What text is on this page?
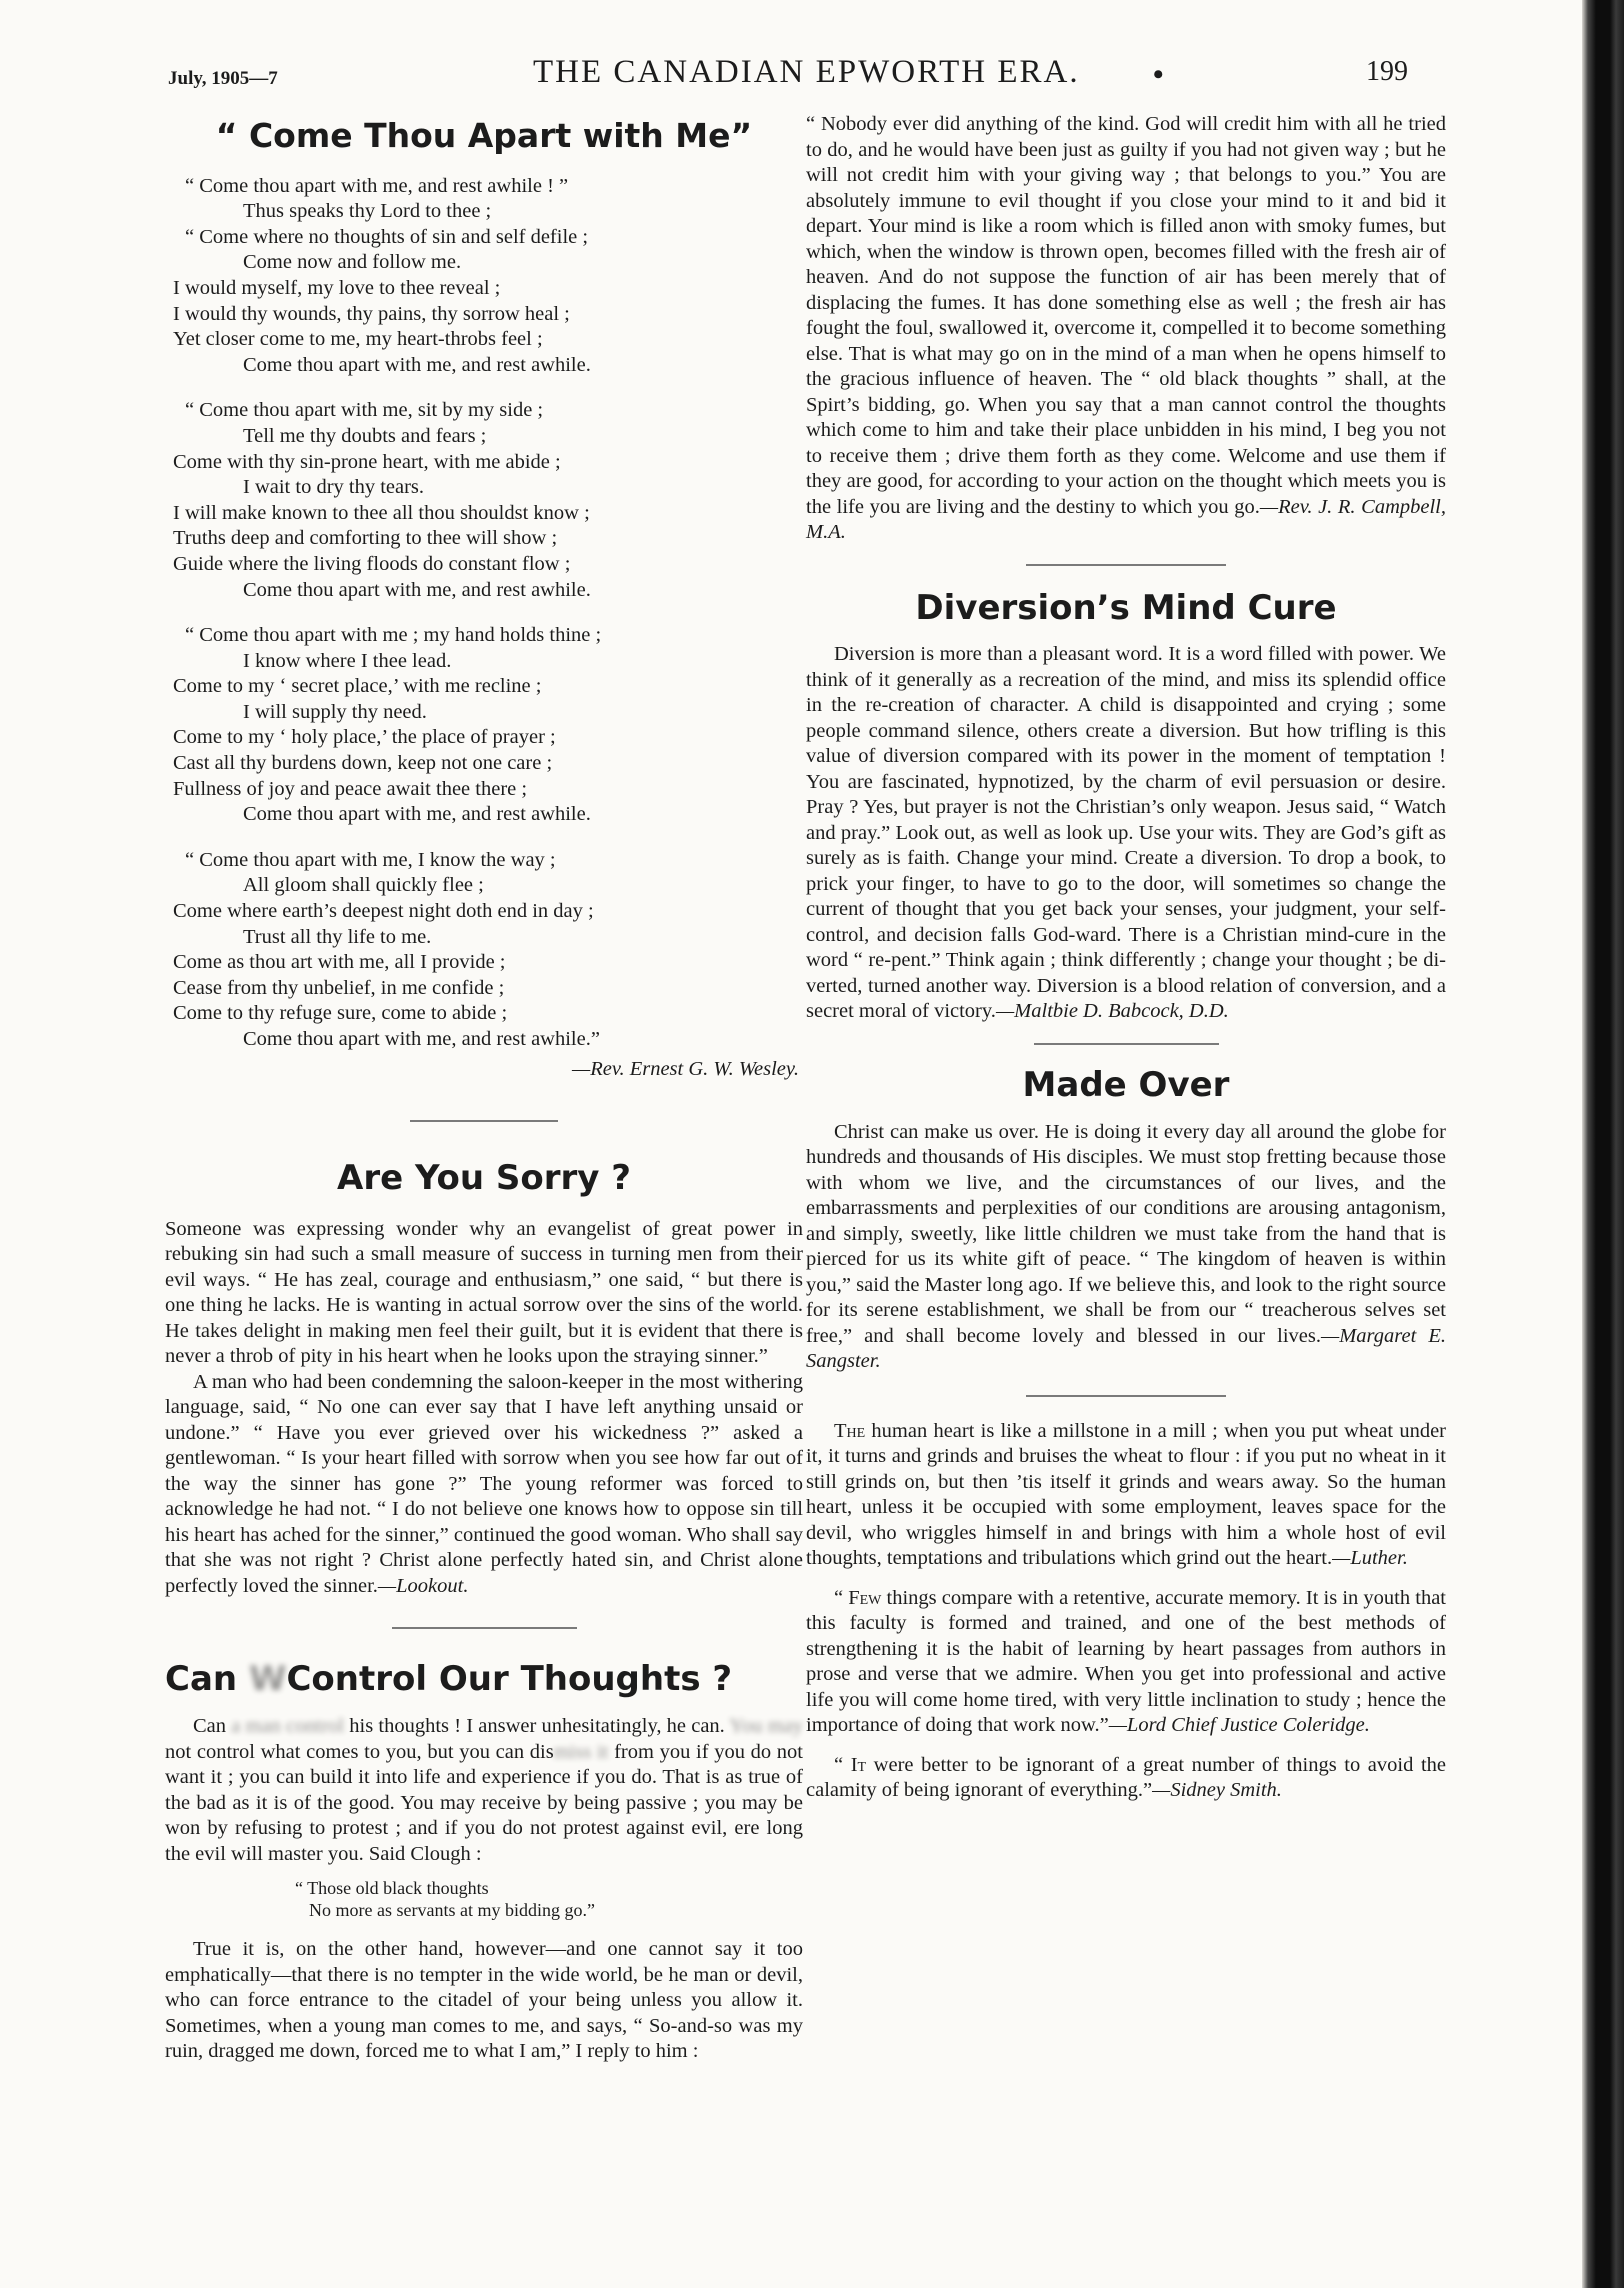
July, 1905—7	THE CANADIAN EPWORTH ERA. •	199
“ Come Thou Apart with Me”
“ Come thou apart with me, and rest awhile ! ”
Thus speaks thy Lord to thee ;
“ Come where no thoughts of sin and self defile ;
Come now and follow me.
I would myself, my love to thee reveal ;
I would thy wounds, thy pains, thy sorrow heal ;
Yet closer come to me, my heart-throbs feel ;
Come thou apart with me, and rest awhile.
“ Come thou apart with me, sit by my side ;
Tell me thy doubts and fears ;
Come with thy sin-prone heart, with me abide ;
I wait to dry thy tears.
I will make known to thee all thou shouldst know ;
Truths deep and comforting to thee will show ;
Guide where the living floods do constant flow ;
Come thou apart with me, and rest awhile.
“ Come thou apart with me ; my hand holds thine ;
I know where I thee lead.
Come to my ‘ secret place,’ with me recline ;
I will supply thy need.
Come to my ‘ holy place,’ the place of prayer ;
Cast all thy burdens down, keep not one care ;
Fullness of joy and peace await thee there ;
Come thou apart with me, and rest awhile.
“ Come thou apart with me, I know the way ;
All gloom shall quickly flee ;
Come where earth’s deepest night doth end in day ;
Trust all thy life to me.
Come as thou art with me, all I provide ;
Cease from thy unbelief, in me confide ;
Come to thy refuge sure, come to abide ;
Come thou apart with me, and rest awhile.”
—Rev. Ernest G. W. Wesley.
Are You Sorry ?

Someone was expressing wonder why an evangelist of great power in rebuking sin had such a small measure of success in turning men from their evil ways. “ He has zeal, courage and enthusiasm,” one said, “ but there is one thing he lacks. He is wanting in actual sorrow over the sins of the world. He takes delight in making men feel their guilt, but it is evident that there is never a throb of pity in his heart when he looks upon the straying sinner.”

A man who had been condemning the saloon-keeper in the most withering language, said, “ No one can ever say that I have left anything unsaid or undone.” “ Have you ever grieved over his wickedness ?” asked a gentlewoman. “ Is your heart filled with sorrow when you see how far out of the way the sinner has gone ?” The young reformer was forced to acknowledge he had not. “ I do not believe one knows how to oppose sin till his heart has ached for the sinner,” continued the good woman. Who shall say that she was not right ? Christ alone perfectly hated sin, and Christ alone perfectly loved the sinner.—Lookout.

Can WControl Our Thoughts ?

Can a man control his thoughts ! I answer unhesitatingly, he can. You may not control what comes to you, but you can dismiss it from you if you do not want it ; you can build it into life and experience if you do. That is as true of the bad as it is of the good. You may receive by being passive ; you may be won by refusing to protest ; and if you do not protest against evil, ere long the evil will master you. Said Clough :

“ Those old black thoughts
No more as servants at my bidding go.”

True it is, on the other hand, however—and one cannot say it too emphatically—that there is no tempter in the wide world, be he man or devil, who can force entrance to the citadel of your being unless you allow it. Sometimes, when a young man comes to me, and says, “ So-and-so was my ruin, dragged me down, forced me to what I am,” I reply to him :

“ Nobody ever did anything of the kind. God will credit him with all he tried to do, and he would have been just as guilty if you had not given way ; but he will not credit him with your giving way ; that belongs to you.” You are absolutely immune to evil thought if you close your mind to it and bid it depart. Your mind is like a room which is filled anon with smoky fumes, but which, when the window is thrown open, becomes filled with the fresh air of heaven. And do not suppose the function of air has been merely that of displacing the fumes. It has done something else as well ; the fresh air has fought the foul, swallowed it, overcome it, compelled it to become something else. That is what may go on in the mind of a man when he opens himself to the gracious influence of heaven. The “ old black thoughts ” shall, at the Spirt’s bidding, go. When you say that a man cannot control the thoughts which come to him and take their place unbidden in his mind, I beg you not to receive them ; drive them forth as they come. Welcome and use them if they are good, for according to your action on the thought which meets you is the life you are living and the destiny to which you go.—Rev. J. R. Campbell, M.A.

Diversion’s Mind Cure

Diversion is more than a pleasant word. It is a word filled with power. We think of it generally as a recreation of the mind, and miss its splendid office in the re-creation of character. A child is disappointed and crying ; some people command silence, others create a diversion. But how trifling is this value of diversion compared with its power in the moment of temptation ! You are fascinated, hypnotized, by the charm of evil persuasion or desire. Pray ? Yes, but prayer is not the Christian’s only weapon. Jesus said, “ Watch and pray.” Look out, as well as look up. Use your wits. They are God’s gift as surely as is faith. Change your mind. Create a diversion. To drop a book, to prick your finger, to have to go to the door, will sometimes so change the current of thought that you get back your senses, your judgment, your self-control, and decision falls God-ward. There is a Christian mind-cure in the word “ re-pent.” Think again ; think differently ; change your thought ; be di-verted, turned another way. Diversion is a blood relation of conversion, and a secret moral of victory.—Maltbie D. Babcock, D.D.

Made Over

Christ can make us over. He is doing it every day all around the globe for hundreds and thousands of His disciples. We must stop fretting because those with whom we live, and the circumstances of our lives, and the embarrassments and perplexities of our conditions are arousing antagonism, and simply, sweetly, like little children we must take from the hand that is pierced for us its white gift of peace. “ The kingdom of heaven is within you,” said the Master long ago. If we believe this, and look to the right source for its serene establishment, we shall be from our “ treacherous selves set free,” and shall become lovely and blessed in our lives.—Margaret E. Sangster.

The human heart is like a millstone in a mill ; when you put wheat under it, it turns and grinds and bruises the wheat to flour : if you put no wheat in it still grinds on, but then ’tis itself it grinds and wears away. So the human heart, unless it be occupied with some employment, leaves space for the devil, who wriggles himself in and brings with him a whole host of evil thoughts, temptations and tribulations which grind out the heart.—Luther.

“ Few things compare with a retentive, accurate memory. It is in youth that this faculty is formed and trained, and one of the best methods of strengthening it is the habit of learning by heart passages from authors in prose and verse that we admire. When you get into professional and active life you will come home tired, with very little inclination to study ; hence the importance of doing that work now.”—Lord Chief Justice Coleridge.

“ It were better to be ignorant of a great number of things to avoid the calamity of being ignorant of everything.”—Sidney Smith.
